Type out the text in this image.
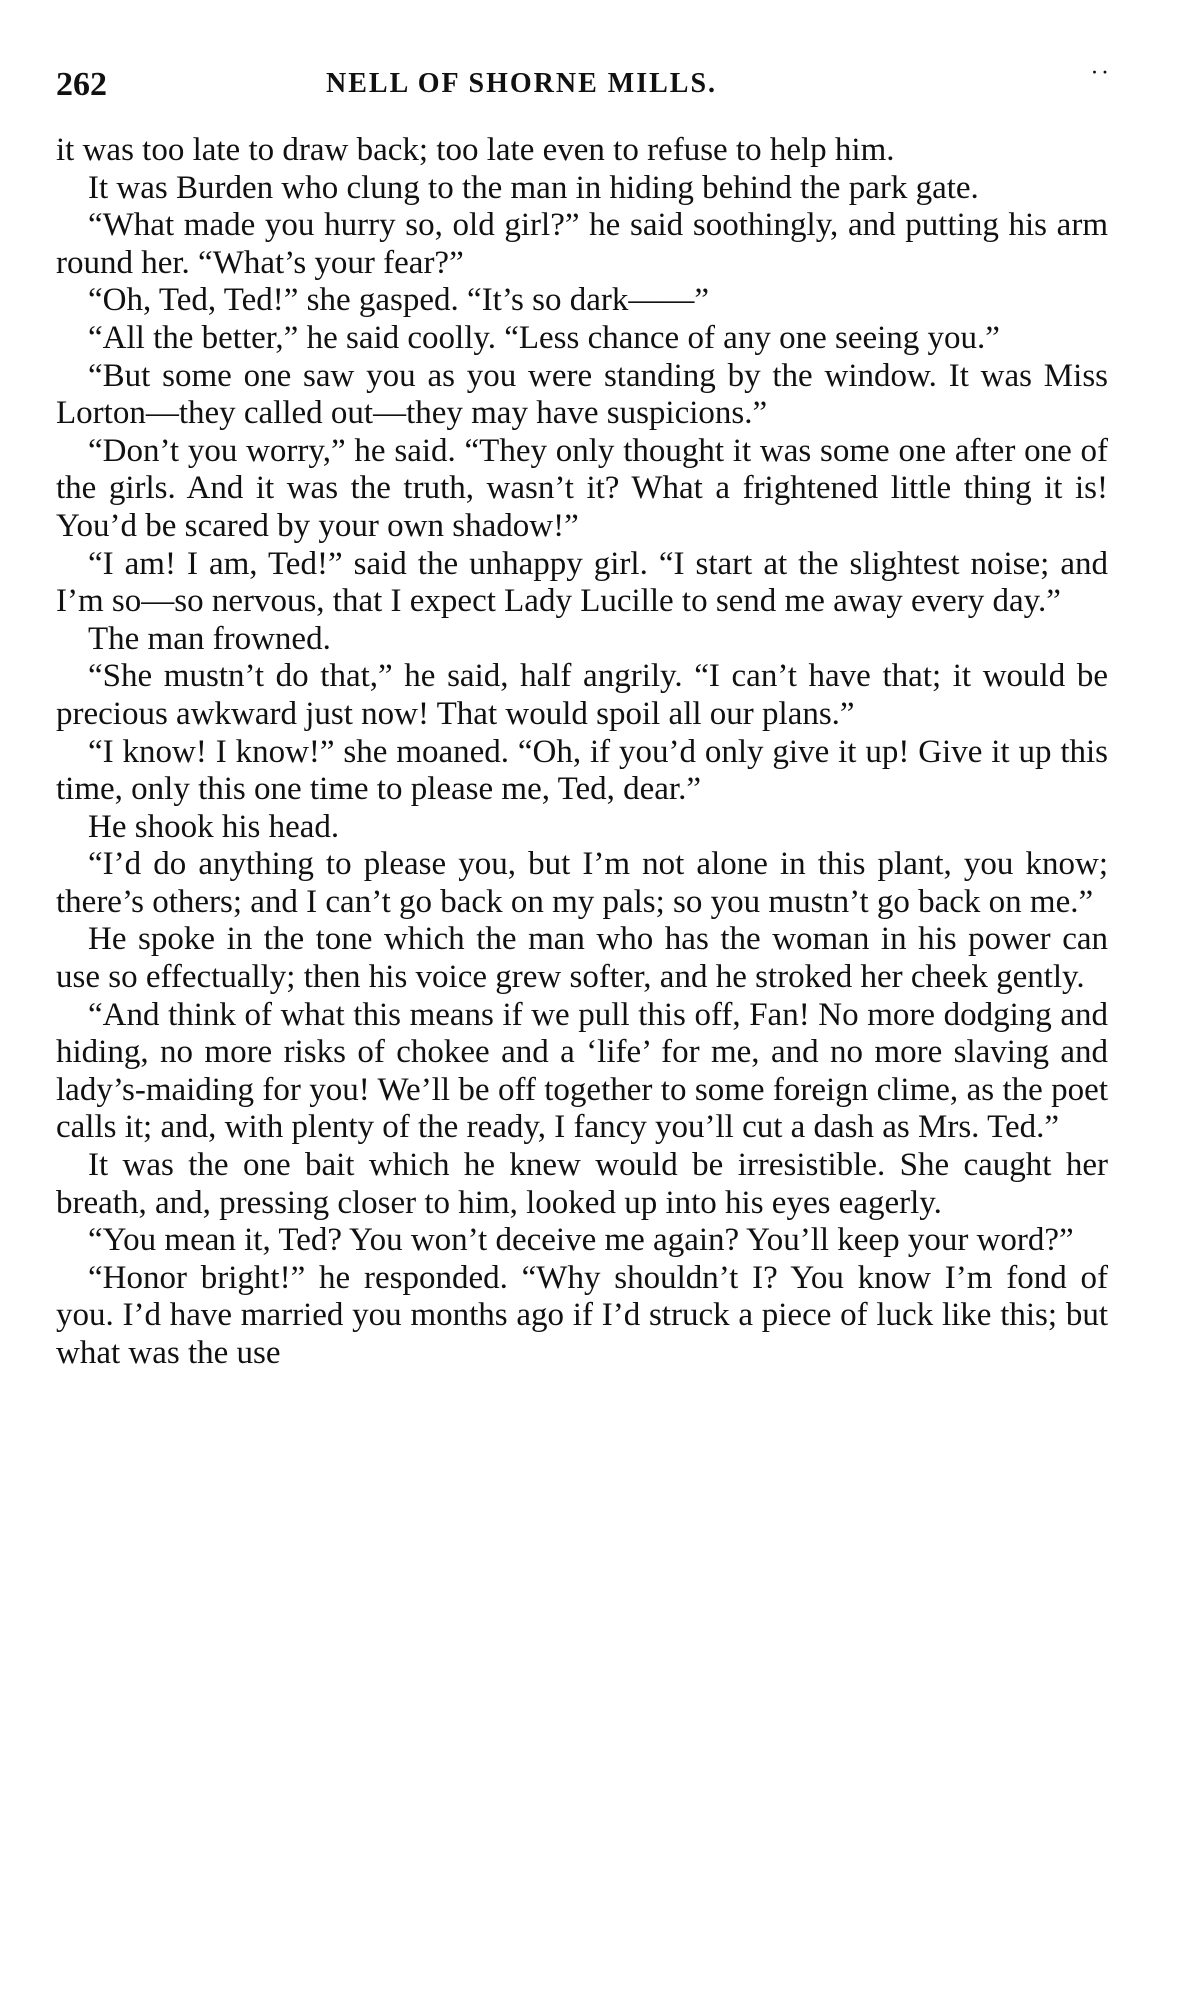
262	NELL OF SHORNE MILLS.	· ·

it was too late to draw back; too late even to refuse to help him.

It was Burden who clung to the man in hiding behind the park gate.

“What made you hurry so, old girl?” he said soothingly, and putting his arm round her. “What’s your fear?”

“Oh, Ted, Ted!” she gasped. “It’s so dark——”

“All the better,” he said coolly. “Less chance of any one seeing you.”

“But some one saw you as you were standing by the window. It was Miss Lorton—they called out—they may have suspicions.”

“Don’t you worry,” he said. “They only thought it was some one after one of the girls. And it was the truth, wasn’t it? What a frightened little thing it is! You’d be scared by your own shadow!”

“I am! I am, Ted!” said the unhappy girl. “I start at the slightest noise; and I’m so—so nervous, that I expect Lady Lucille to send me away every day.”

The man frowned.

“She mustn’t do that,” he said, half angrily. “I can’t have that; it would be precious awkward just now! That would spoil all our plans.”

“I know! I know!” she moaned. “Oh, if you’d only give it up! Give it up this time, only this one time to please me, Ted, dear.”

He shook his head.

“I’d do anything to please you, but I’m not alone in this plant, you know; there’s others; and I can’t go back on my pals; so you mustn’t go back on me.”

He spoke in the tone which the man who has the woman in his power can use so effectually; then his voice grew softer, and he stroked her cheek gently.

“And think of what this means if we pull this off, Fan! No more dodging and hiding, no more risks of chokee and a ‘life’ for me, and no more slaving and lady’s-maiding for you! We’ll be off together to some foreign clime, as the poet calls it; and, with plenty of the ready, I fancy you’ll cut a dash as Mrs. Ted.”

It was the one bait which he knew would be irresistible. She caught her breath, and, pressing closer to him, looked up into his eyes eagerly.

“You mean it, Ted? You won’t deceive me again? You’ll keep your word?”

“Honor bright!” he responded. “Why shouldn’t I? You know I’m fond of you. I’d have married you months ago if I’d struck a piece of luck like this; but what was the use
